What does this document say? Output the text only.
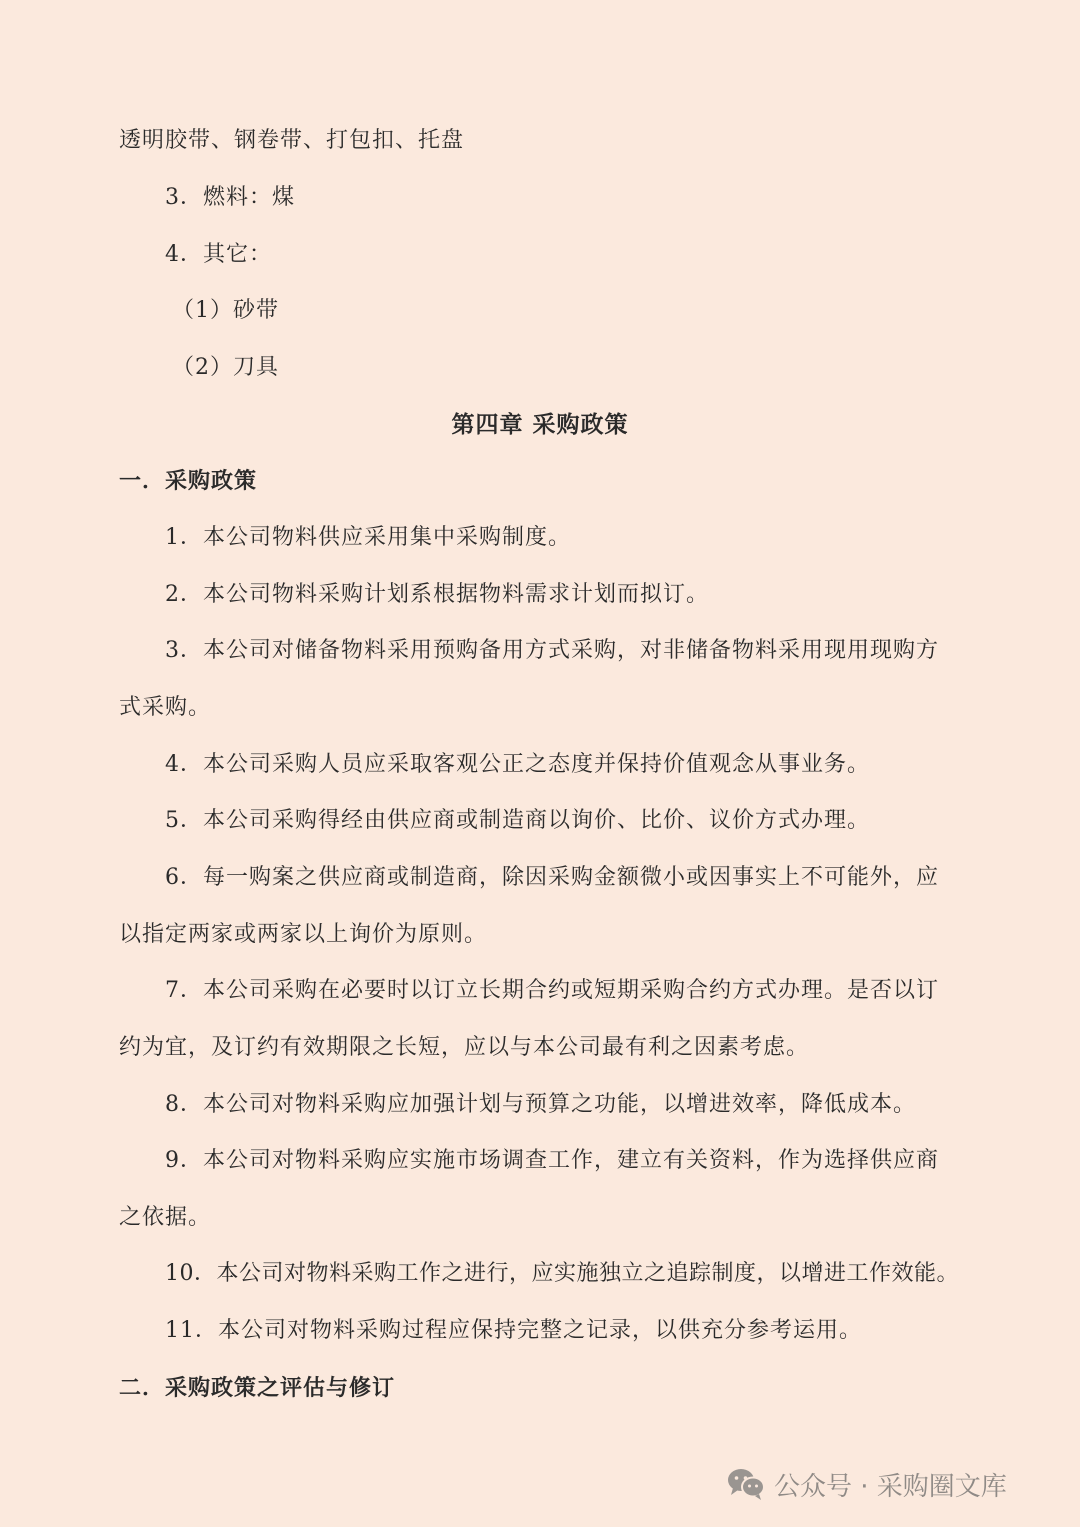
透明胶带、钢卷带、打包扣、托盘
3．燃料：煤
4．其它：
（1）砂带
（2）刀具
第四章 采购政策
一．采购政策
1．本公司物料供应采用集中采购制度。
2．本公司物料采购计划系根据物料需求计划而拟订。
3．本公司对储备物料采用预购备用方式采购，对非储备物料采用现用现购方
式采购。
4．本公司采购人员应采取客观公正之态度并保持价值观念从事业务。
5．本公司采购得经由供应商或制造商以询价、比价、议价方式办理。
6．每一购案之供应商或制造商，除因采购金额微小或因事实上不可能外，应
以指定两家或两家以上询价为原则。
7．本公司采购在必要时以订立长期合约或短期采购合约方式办理。是否以订
约为宜，及订约有效期限之长短，应以与本公司最有利之因素考虑。
8．本公司对物料采购应加强计划与预算之功能，以增进效率，降低成本。
9．本公司对物料采购应实施市场调查工作，建立有关资料，作为选择供应商
之依据。
10．本公司对物料采购工作之进行，应实施独立之追踪制度，以增进工作效能。
11．本公司对物料采购过程应保持完整之记录，以供充分参考运用。
二．采购政策之评估与修订
公众号 · 采购圈文库
